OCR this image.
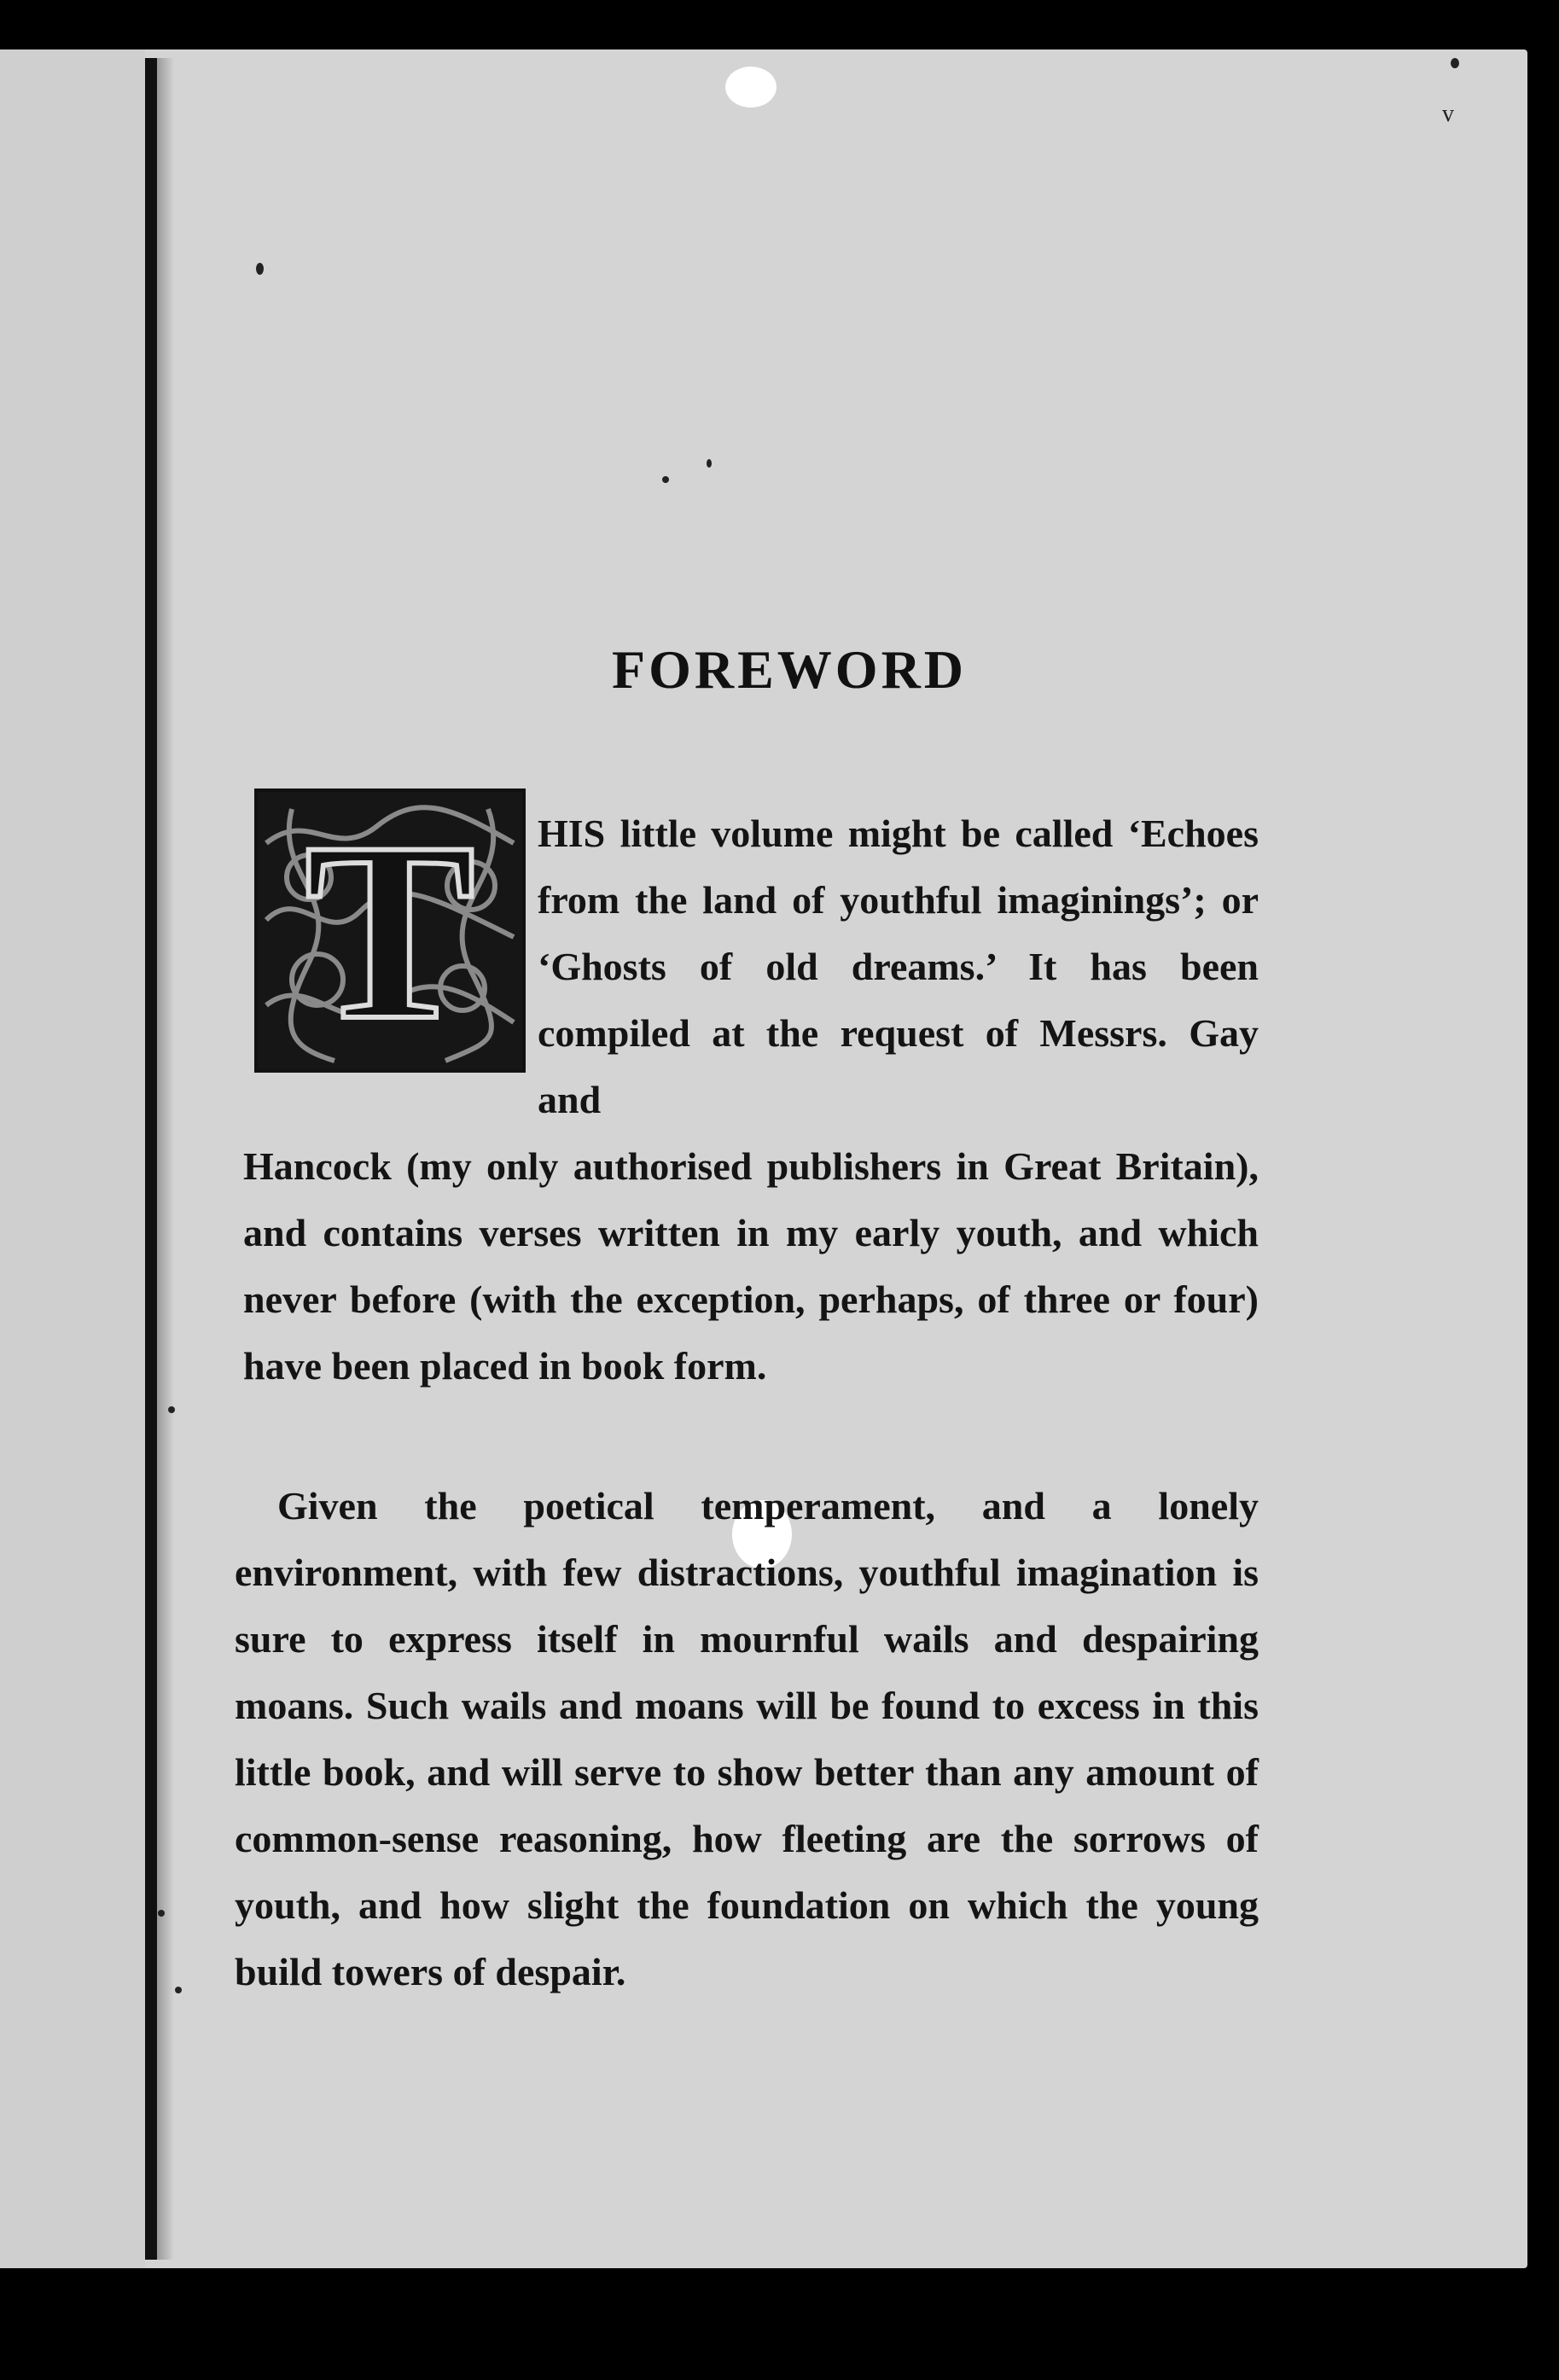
v
FOREWORD
T	HIS little volume might be called ‘Echoes from the land of youthful imaginings’; or ‘Ghosts of old dreams.’ It has been compiled at the request of Messrs. Gay and
Hancock (my only authorised publishers in Great Britain), and contains verses written in my early youth, and which never before (with the exception, perhaps, of three or four) have been placed in book form.
Given the poetical temperament, and a lonely environment, with few distractions, youthful imagination is sure to express itself in mournful wails and despairing moans. Such wails and moans will be found to excess in this little book, and will serve to show better than any amount of common-sense reasoning, how fleeting are the sorrows of youth, and how slight the foundation on which the young build towers of despair.
